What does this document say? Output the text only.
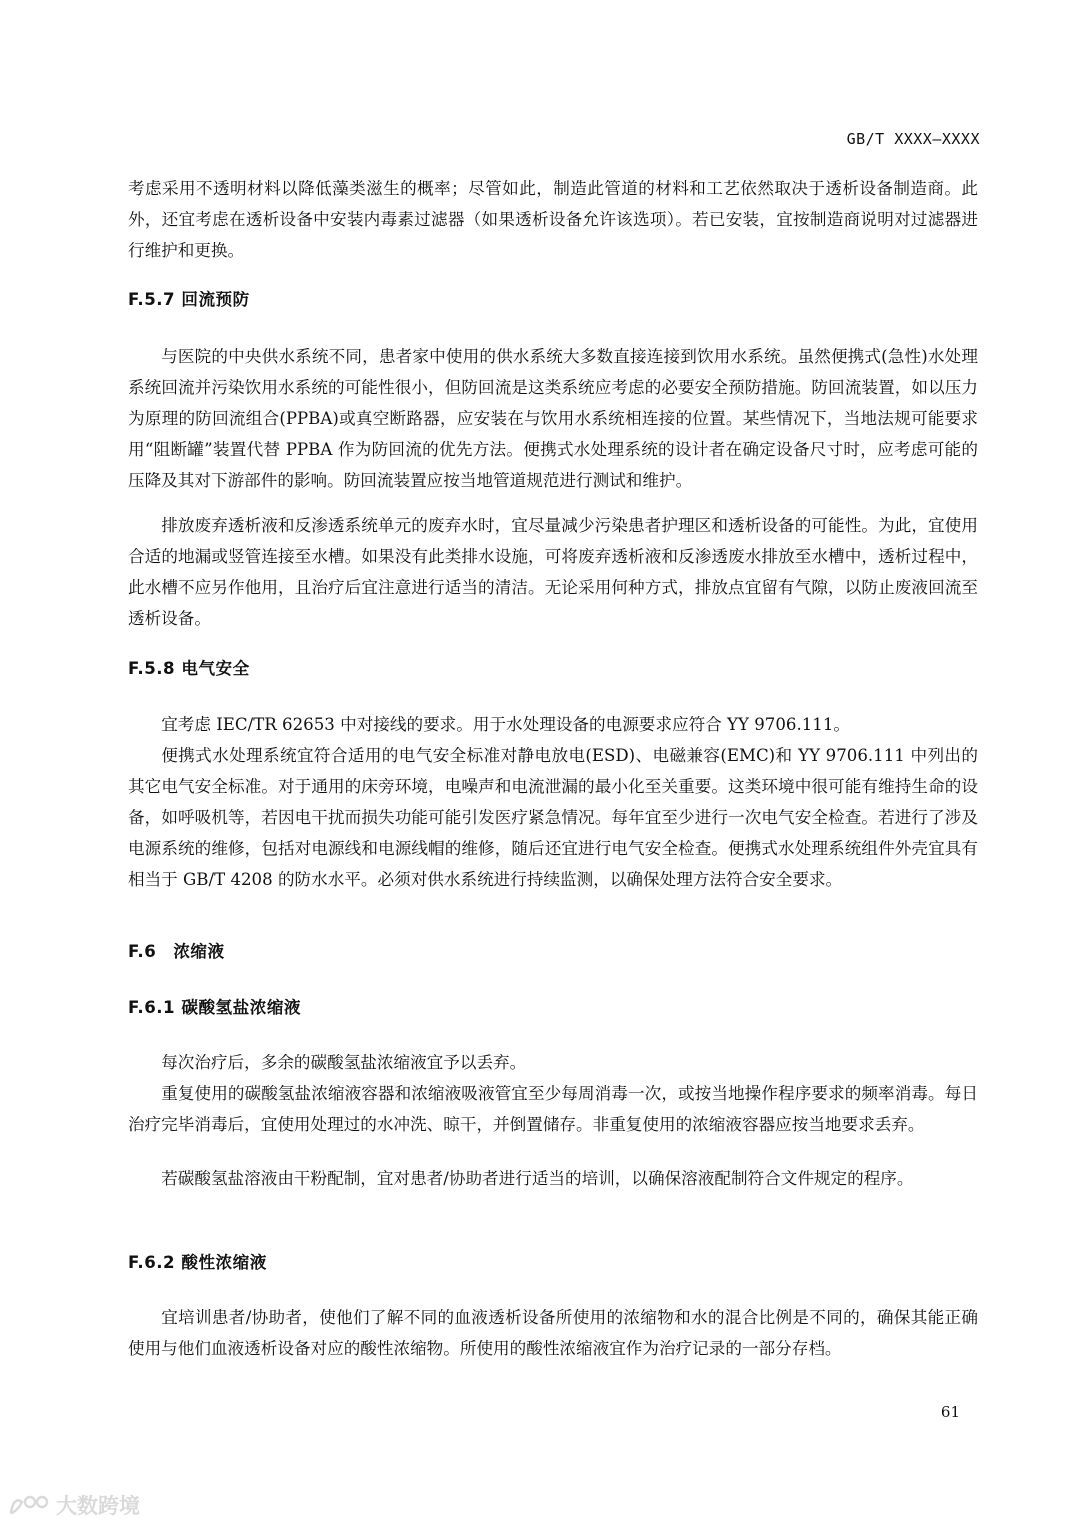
GB/T XXXX—XXXX

考虑采用不透明材料以降低藻类滋生的概率；尽管如此，制造此管道的材料和工艺依然取决于透析设备制造商。此外，还宜考虑在透析设备中安装内毒素过滤器（如果透析设备允许该选项）。若已安装，宜按制造商说明对过滤器进行维护和更换。

F.5.7 回流预防

与医院的中央供水系统不同，患者家中使用的供水系统大多数直接连接到饮用水系统。虽然便携式(急性)水处理系统回流并污染饮用水系统的可能性很小，但防回流是这类系统应考虑的必要安全预防措施。防回流装置，如以压力为原理的防回流组合(PPBA)或真空断路器，应安装在与饮用水系统相连接的位置。某些情况下，当地法规可能要求用“阻断罐”装置代替 PPBA 作为防回流的优先方法。便携式水处理系统的设计者在确定设备尺寸时，应考虑可能的压降及其对下游部件的影响。防回流装置应按当地管道规范进行测试和维护。

排放废弃透析液和反渗透系统单元的废弃水时，宜尽量减少污染患者护理区和透析设备的可能性。为此，宜使用合适的地漏或竖管连接至水槽。如果没有此类排水设施，可将废弃透析液和反渗透废水排放至水槽中，透析过程中，此水槽不应另作他用，且治疗后宜注意进行适当的清洁。无论采用何种方式，排放点宜留有气隙，以防止废液回流至透析设备。

F.5.8 电气安全

宜考虑 IEC/TR 62653 中对接线的要求。用于水处理设备的电源要求应符合 YY 9706.111。

便携式水处理系统宜符合适用的电气安全标准对静电放电(ESD)、电磁兼容(EMC)和 YY 9706.111 中列出的其它电气安全标准。对于通用的床旁环境，电噪声和电流泄漏的最小化至关重要。这类环境中很可能有维持生命的设备，如呼吸机等，若因电干扰而损失功能可能引发医疗紧急情况。每年宜至少进行一次电气安全检查。若进行了涉及电源系统的维修，包括对电源线和电源线帽的维修，随后还宜进行电气安全检查。便携式水处理系统组件外壳宜具有相当于 GB/T 4208 的防水水平。必须对供水系统进行持续监测，以确保处理方法符合安全要求。

F.6　浓缩液
F.6.1 碳酸氢盐浓缩液

每次治疗后，多余的碳酸氢盐浓缩液宜予以丢弃。

重复使用的碳酸氢盐浓缩液容器和浓缩液吸液管宜至少每周消毒一次，或按当地操作程序要求的频率消毒。每日治疗完毕消毒后，宜使用处理过的水冲洗、晾干，并倒置储存。非重复使用的浓缩液容器应按当地要求丢弃。

若碳酸氢盐溶液由干粉配制，宜对患者/协助者进行适当的培训，以确保溶液配制符合文件规定的程序。

F.6.2 酸性浓缩液

宜培训患者/协助者，使他们了解不同的血液透析设备所使用的浓缩物和水的混合比例是不同的，确保其能正确使用与他们血液透析设备对应的酸性浓缩物。所使用的酸性浓缩液宜作为治疗记录的一部分存档。

61
大数跨境
